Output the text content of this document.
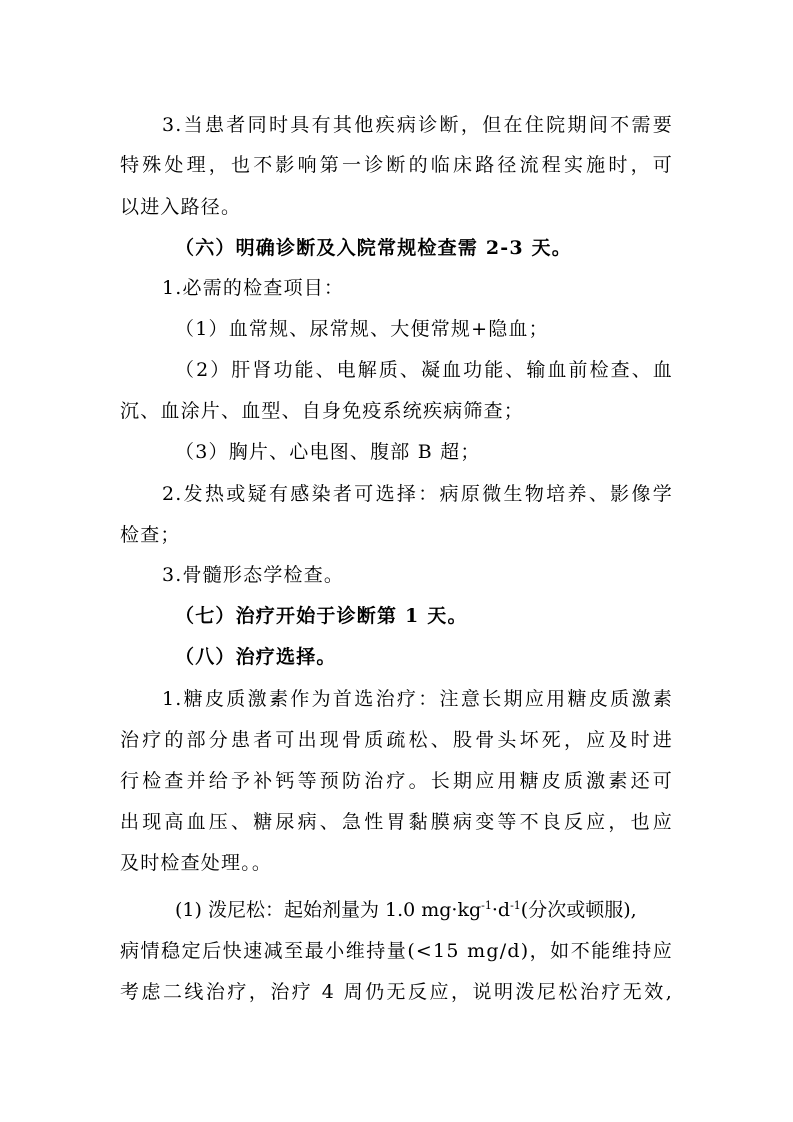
3.当患者同时具有其他疾病诊断，但在住院期间不需要
特殊处理，也不影响第一诊断的临床路径流程实施时，可
以进入路径。
（六）明确诊断及入院常规检查需 2-3 天。
1.必需的检查项目：
（1）血常规、尿常规、大便常规+隐血；
（2）肝肾功能、电解质、凝血功能、输血前检查、血
沉、血涂片、血型、自身免疫系统疾病筛查；
（3）胸片、心电图、腹部 B 超；
2.发热或疑有感染者可选择：病原微生物培养、影像学
检查；
3.骨髓形态学检查。
（七）治疗开始于诊断第 1 天。
（八）治疗选择。
1.糖皮质激素作为首选治疗：注意长期应用糖皮质激素
治疗的部分患者可出现骨质疏松、股骨头坏死，应及时进
行检查并给予补钙等预防治疗。长期应用糖皮质激素还可
出现高血压、糖尿病、急性胃黏膜病变等不良反应，也应
及时检查处理。。
(1) 泼尼松：起始剂量为 1.0 $mg\cdot kg^{-1}\cdot d^{-1}$(分次或顿服),
病情稳定后快速减至最小维持量(<15 mg/d)，如不能维持应
考虑二线治疗，治疗 4 周仍无反应，说明泼尼松治疗无效,
